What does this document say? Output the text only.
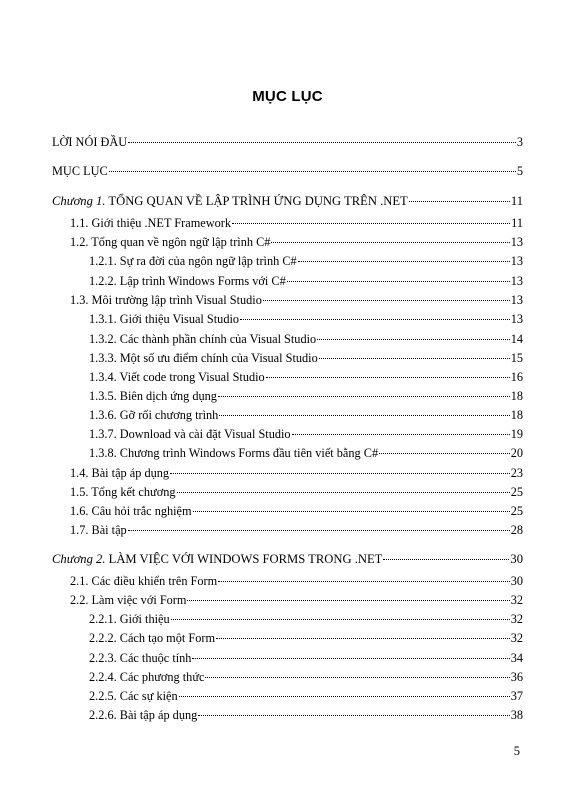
MỤC LỤC
LỜI NÓI ĐẦU	3
MỤC LỤC	5
Chương 1. TỔNG QUAN VỀ LẬP TRÌNH ỨNG DỤNG TRÊN .NET	11
1.1. Giới thiệu .NET Framework	11
1.2. Tổng quan về ngôn ngữ lập trình C#	13
1.2.1. Sự ra đời của ngôn ngữ lập trình C#	13
1.2.2. Lập trình Windows Forms với C#	13
1.3. Môi trường lập trình Visual Studio	13
1.3.1. Giới thiệu Visual Studio	13
1.3.2. Các thành phần chính của Visual Studio	14
1.3.3. Một số ưu điểm chính của Visual Studio	15
1.3.4. Viết code trong Visual Studio	16
1.3.5. Biên dịch ứng dụng	18
1.3.6. Gỡ rối chương trình	18
1.3.7. Download và cài đặt Visual Studio	19
1.3.8. Chương trình Windows Forms đầu tiên viết bằng C#	20
1.4. Bài tập áp dụng	23
1.5. Tổng kết chương	25
1.6. Câu hỏi trắc nghiệm	25
1.7. Bài tập	28
Chương 2. LÀM VIỆC VỚI WINDOWS FORMS TRONG .NET	30
2.1. Các điều khiển trên Form	30
2.2. Làm việc với Form	32
2.2.1. Giới thiệu	32
2.2.2. Cách tạo một Form	32
2.2.3. Các thuộc tính	34
2.2.4. Các phương thức	36
2.2.5. Các sự kiện	37
2.2.6. Bài tập áp dụng	38
5
